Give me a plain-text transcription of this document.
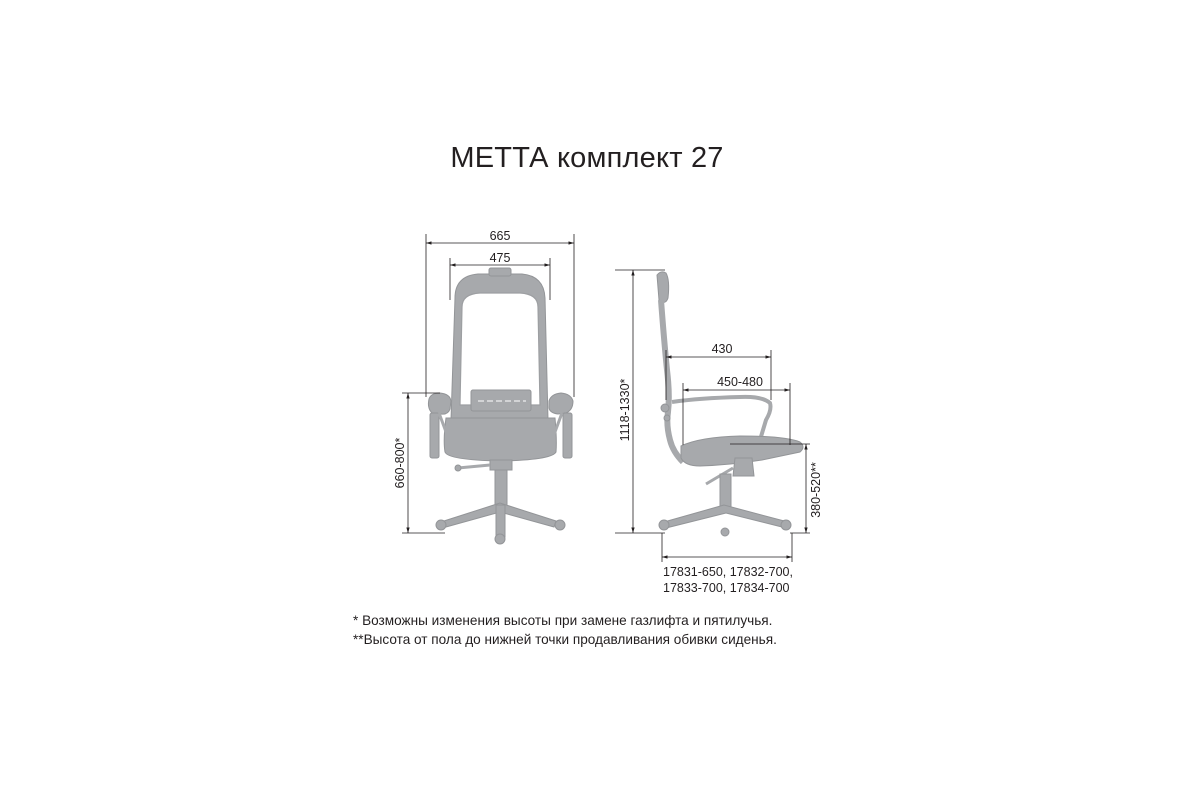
МЕТТА комплект 27
665
475
660-800*
1118-1330*
430
450-480
380-520**
17831-650, 17832-700,
17833-700, 17834-700
* Возможны изменения высоты при замене газлифта и пятилучья.
**Высота от пола до нижней точки продавливания обивки сиденья.
